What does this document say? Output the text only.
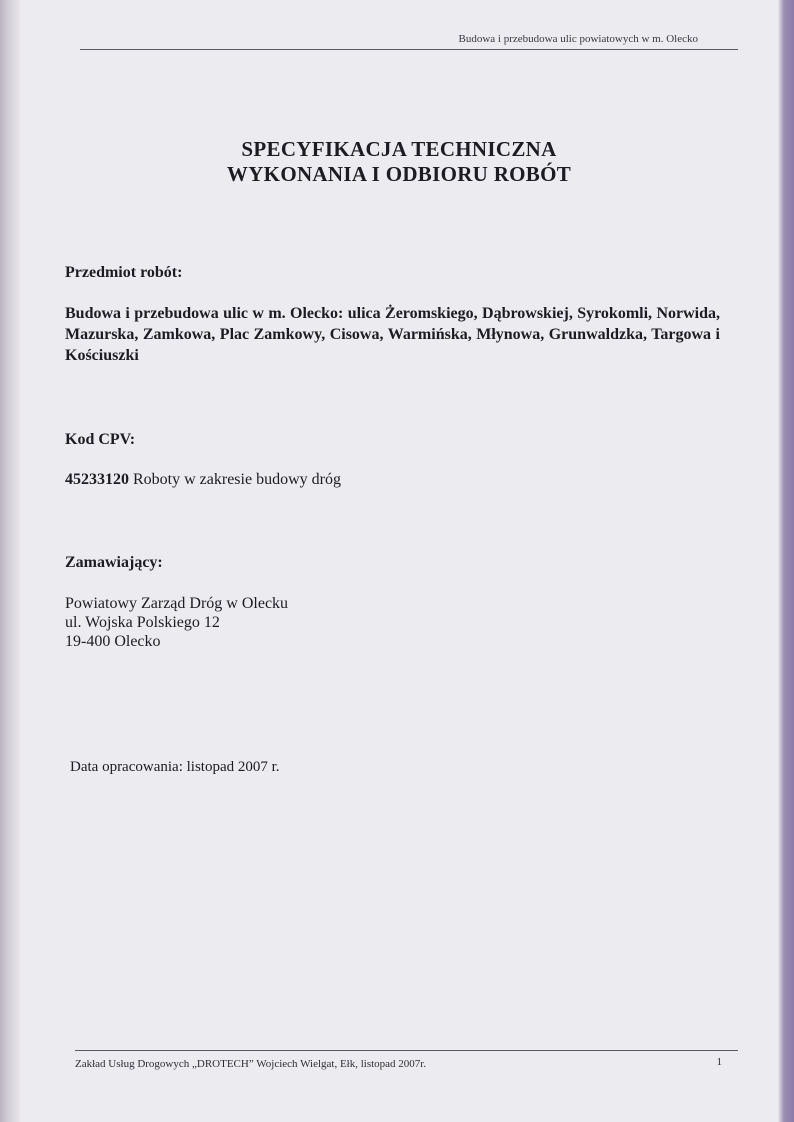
Budowa i przebudowa ulic powiatowych w m. Olecko
SPECYFIKACJA TECHNICZNA
WYKONANIA I ODBIORU ROBÓT
Przedmiot robót:
Budowa i przebudowa ulic w m. Olecko: ulica Żeromskiego, Dąbrowskiej, Syrokomli, Norwida, Mazurska, Zamkowa, Plac Zamkowy, Cisowa, Warmińska, Młynowa, Grunwaldzka, Targowa i Kościuszki
Kod CPV:
45233120 Roboty w zakresie budowy dróg
Zamawiający:
Powiatowy Zarząd Dróg w Olecku
ul. Wojska Polskiego 12
19-400 Olecko
Data opracowania: listopad 2007 r.
Zakład Usług Drogowych „DROTECH” Wojciech Wielgat, Ełk, listopad 2007r.	1
